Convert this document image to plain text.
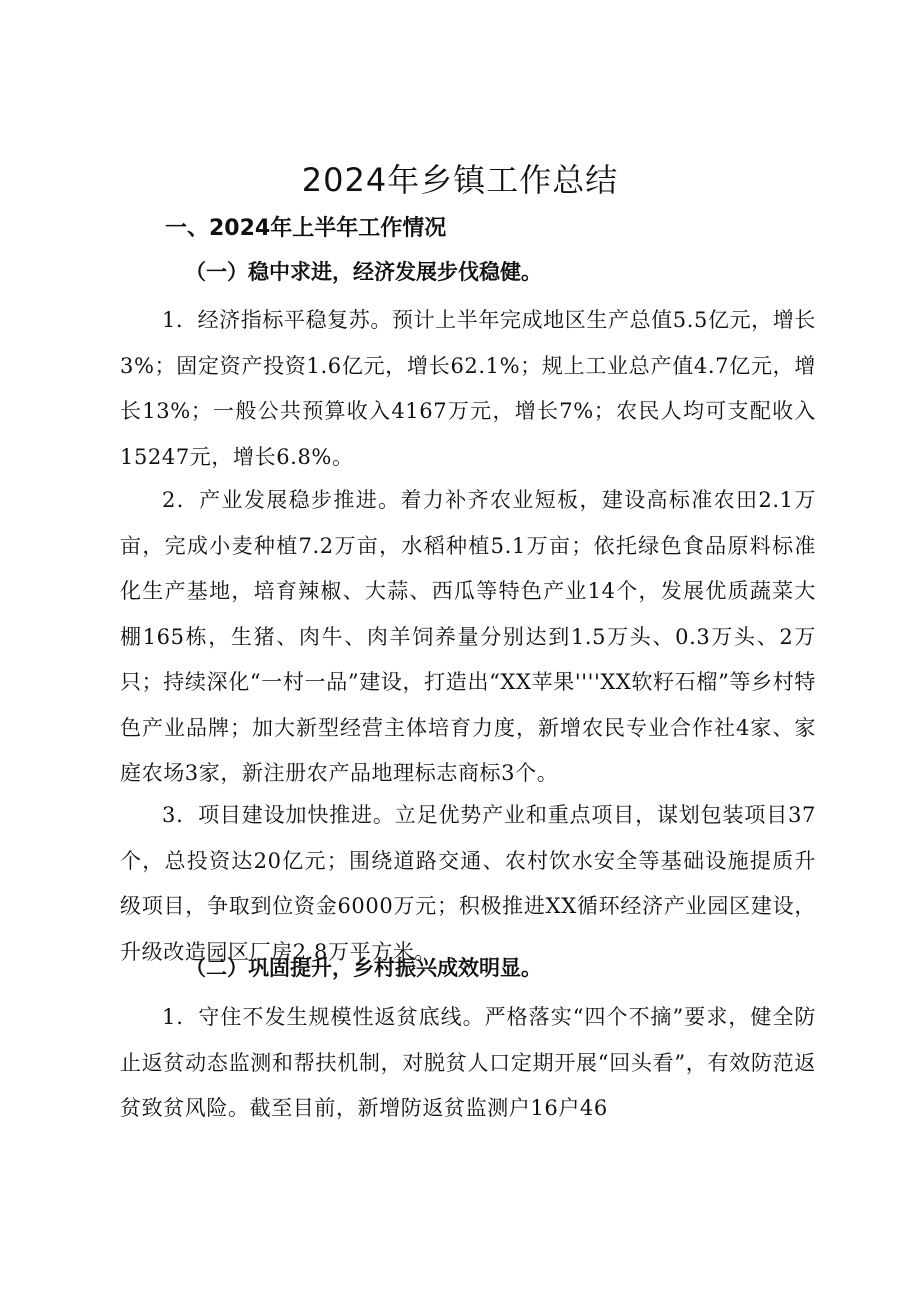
2024年乡镇工作总结
一、2024年上半年工作情况
（一）稳中求进，经济发展步伐稳健。

1．经济指标平稳复苏。预计上半年完成地区生产总值5.5亿元，增长3%；固定资产投资1.6亿元，增长62.1%；规上工业总产值4.7亿元，增长13%；一般公共预算收入4167万元，增长7%；农民人均可支配收入15247元，增长6.8%。

2．产业发展稳步推进。着力补齐农业短板，建设高标准农田2.1万亩，完成小麦种植7.2万亩，水稻种植5.1万亩；依托绿色食品原料标准化生产基地，培育辣椒、大蒜、西瓜等特色产业14个，发展优质蔬菜大棚165栋，生猪、肉牛、肉羊饲养量分别达到1.5万头、0.3万头、2万只；持续深化“一村一品”建设，打造出“XX苹果''''XX软籽石榴”等乡村特色产业品牌；加大新型经营主体培育力度，新增农民专业合作社4家、家庭农场3家，新注册农产品地理标志商标3个。

3．项目建设加快推进。立足优势产业和重点项目，谋划包装项目37个，总投资达20亿元；围绕道路交通、农村饮水安全等基础设施提质升级项目，争取到位资金6000万元；积极推进XX循环经济产业园区建设，升级改造园区厂房2.8万平方米。

（二）巩固提升，乡村振兴成效明显。

1．守住不发生规模性返贫底线。严格落实“四个不摘”要求，健全防止返贫动态监测和帮扶机制，对脱贫人口定期开展“回头看”，有效防范返贫致贫风险。截至目前，新增防返贫监测户16户46
